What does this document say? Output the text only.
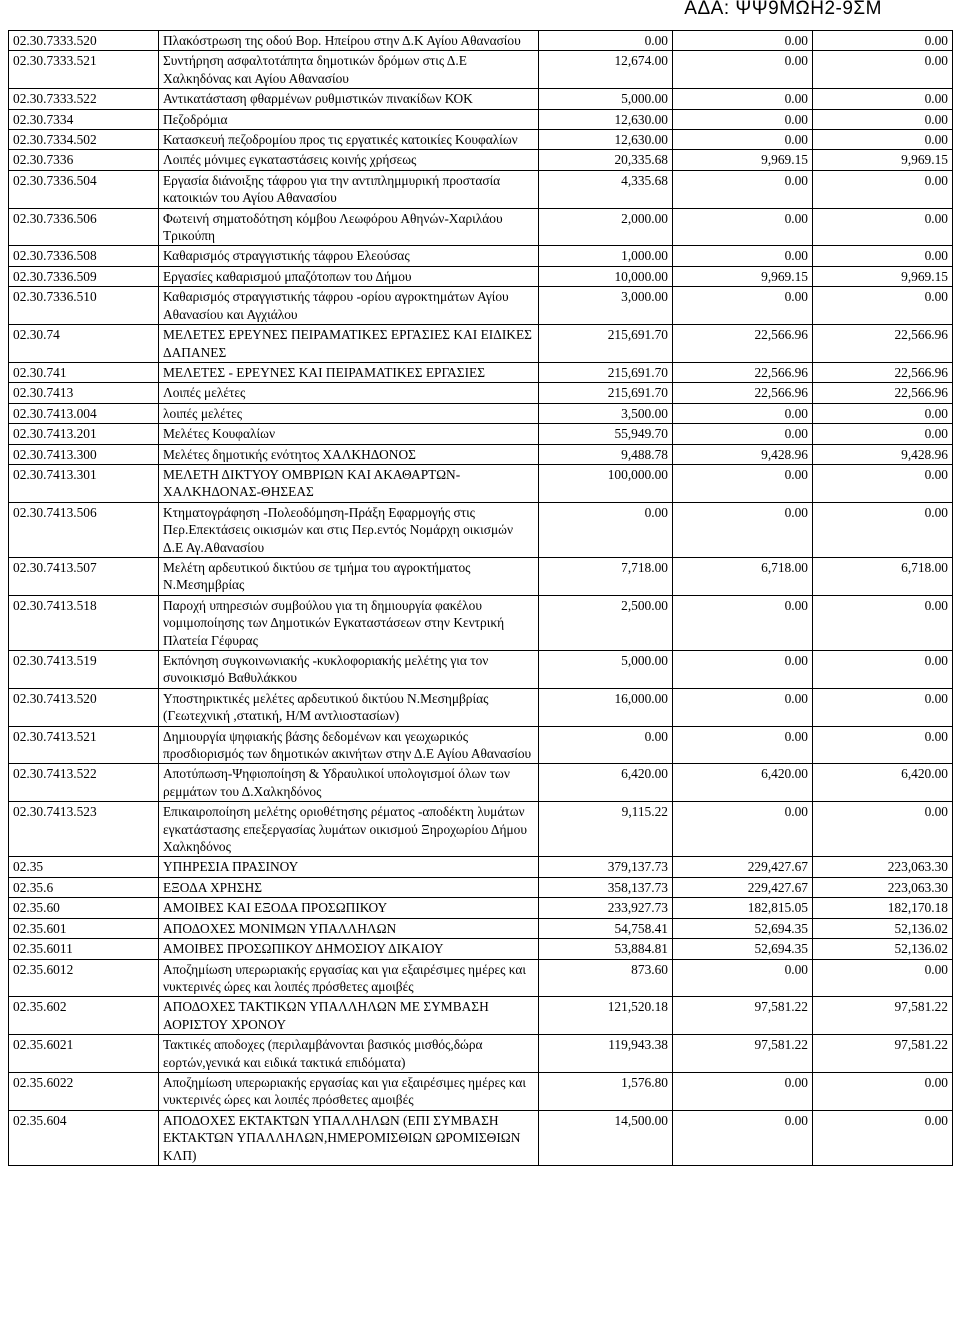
ΑΔΑ: ΨΨ9ΜΩΗ2-9ΣΜ
02.30.7333.520	Πλακόστρωση της οδού Βορ. Ηπείρου στην Δ.Κ Αγίου Αθανασίου	0.00	0.00	0.00
02.30.7333.521	Συντήρηση ασφαλτοτάπητα δημοτικών δρόμων στις Δ.Ε Χαλκηδόνας και Αγίου Αθανασίου	12,674.00	0.00	0.00
02.30.7333.522	Αντικατάσταση φθαρμένων ρυθμιστικών πινακίδων ΚΟΚ	5,000.00	0.00	0.00
02.30.7334	Πεζοδρόμια	12,630.00	0.00	0.00
02.30.7334.502	Κατασκευή πεζοδρομίου προς τις εργατικές κατοικίες Κουφαλίων	12,630.00	0.00	0.00
02.30.7336	Λοιπές μόνιμες εγκαταστάσεις κοινής χρήσεως	20,335.68	9,969.15	9,969.15
02.30.7336.504	Εργασία διάνοιξης τάφρου για την αντιπλημμυρική προστασία κατοικιών του Αγίου Αθανασίου	4,335.68	0.00	0.00
02.30.7336.506	Φωτεινή σηματοδότηση κόμβου Λεωφόρου Αθηνών-Χαριλάου Τρικούπη	2,000.00	0.00	0.00
02.30.7336.508	Καθαρισμός στραγγιστικής τάφρου Ελεούσας	1,000.00	0.00	0.00
02.30.7336.509	Εργασίες καθαρισμού μπαζότοπων του Δήμου	10,000.00	9,969.15	9,969.15
02.30.7336.510	Καθαρισμός στραγγιστικής τάφρου -ορίου αγροκτημάτων Αγίου Αθανασίου και Αγχιάλου	3,000.00	0.00	0.00
02.30.74	ΜΕΛΕΤΕΣ ΕΡΕΥΝΕΣ ΠΕΙΡΑΜΑΤΙΚΕΣ ΕΡΓΑΣΙΕΣ ΚΑΙ ΕΙΔΙΚΕΣ ΔΑΠΑΝΕΣ	215,691.70	22,566.96	22,566.96
02.30.741	ΜΕΛΕΤΕΣ - ΕΡΕΥΝΕΣ ΚΑΙ ΠΕΙΡΑΜΑΤΙΚΕΣ ΕΡΓΑΣΙΕΣ	215,691.70	22,566.96	22,566.96
02.30.7413	Λοιπές μελέτες	215,691.70	22,566.96	22,566.96
02.30.7413.004	λοιπές μελέτες	3,500.00	0.00	0.00
02.30.7413.201	Μελέτες Κουφαλίων	55,949.70	0.00	0.00
02.30.7413.300	Μελέτες δημοτικής ενότητος ΧΑΛΚΗΔΟΝΟΣ	9,488.78	9,428.96	9,428.96
02.30.7413.301	ΜΕΛΕΤΗ ΔΙΚΤΥΟΥ ΟΜΒΡΙΩΝ ΚΑΙ ΑΚΑΘΑΡΤΩΝ-ΧΑΛΚΗΔΟΝΑΣ-ΘΗΣΕΑΣ	100,000.00	0.00	0.00
02.30.7413.506	Κτηματογράφηση -Πολεοδόμηση-Πράξη Εφαρμογής στις Περ.Επεκτάσεις οικισμών και στις Περ.εντός Νομάρχη οικισμών Δ.Ε Αγ.Αθανασίου	0.00	0.00	0.00
02.30.7413.507	Μελέτη αρδευτικού δικτύου σε τμήμα του αγροκτήματος Ν.Μεσημβρίας	7,718.00	6,718.00	6,718.00
02.30.7413.518	Παροχή υπηρεσιών συμβούλου για τη δημιουργία φακέλου νομιμοποίησης των Δημοτικών Εγκαταστάσεων στην Κεντρική Πλατεία Γέφυρας	2,500.00	0.00	0.00
02.30.7413.519	Εκπόνηση συγκοινωνιακής -κυκλοφοριακής μελέτης για τον συνοικισμό Βαθυλάκκου	5,000.00	0.00	0.00
02.30.7413.520	Υποστηρικτικές μελέτες αρδευτικού δικτύου Ν.Μεσημβρίας (Γεωτεχνική ,στατική, Η/Μ αντλιοστασίων)	16,000.00	0.00	0.00
02.30.7413.521	Δημιουργία ψηφιακής βάσης δεδομένων και γεωχωρικός προσδιορισμός των δημοτικών ακινήτων στην Δ.Ε Αγίου Αθανασίου	0.00	0.00	0.00
02.30.7413.522	Αποτύπωση-Ψηφιοποίηση & Υδραυλικοί υπολογισμοί όλων των ρεμμάτων του Δ.Χαλκηδόνος	6,420.00	6,420.00	6,420.00
02.30.7413.523	Επικαιροποίηση μελέτης οριοθέτησης ρέματος -αποδέκτη λυμάτων εγκατάστασης επεξεργασίας λυμάτων οικισμού Ξηροχωρίου Δήμου Χαλκηδόνος	9,115.22	0.00	0.00
02.35	ΥΠΗΡΕΣΙΑ ΠΡΑΣΙΝΟΥ	379,137.73	229,427.67	223,063.30
02.35.6	ΕΞΟΔΑ ΧΡΗΣΗΣ	358,137.73	229,427.67	223,063.30
02.35.60	ΑΜΟΙΒΕΣ ΚΑΙ ΕΞΟΔΑ ΠΡΟΣΩΠΙΚΟΥ	233,927.73	182,815.05	182,170.18
02.35.601	ΑΠΟΔΟΧΕΣ ΜΟΝΙΜΩΝ ΥΠΑΛΛΗΛΩΝ	54,758.41	52,694.35	52,136.02
02.35.6011	ΑΜΟΙΒΕΣ ΠΡΟΣΩΠΙΚΟΥ ΔΗΜΟΣΙΟΥ ΔΙΚΑΙΟΥ	53,884.81	52,694.35	52,136.02
02.35.6012	Αποζημίωση υπερωριακής εργασίας και για εξαιρέσιμες ημέρες και νυκτερινές ώρες και λοιπές πρόσθετες αμοιβές	873.60	0.00	0.00
02.35.602	ΑΠΟΔΟΧΕΣ ΤΑΚΤΙΚΩΝ ΥΠΑΛΛΗΛΩΝ ΜΕ ΣΥΜΒΑΣΗ ΑΟΡΙΣΤΟΥ ΧΡΟΝΟΥ	121,520.18	97,581.22	97,581.22
02.35.6021	Τακτικές αποδοχες (περιλαμβάνονται βασικός μισθός,δώρα εορτών,γενικά και ειδικά τακτικά επιδόματα)	119,943.38	97,581.22	97,581.22
02.35.6022	Αποζημίωση υπερωριακής εργασίας και για εξαιρέσιμες ημέρες και νυκτερινές ώρες και λοιπές πρόσθετες αμοιβές	1,576.80	0.00	0.00
02.35.604	ΑΠΟΔΟΧΕΣ ΕΚΤΑΚΤΩΝ ΥΠΑΛΛΗΛΩΝ (ΕΠΙ ΣΥΜΒΑΣΗ ΕΚΤΑΚΤΩΝ ΥΠΑΛΛΗΛΩΝ,ΗΜΕΡΟΜΙΣΘΙΩΝ ΩΡΟΜΙΣΘΙΩΝ ΚΛΠ)	14,500.00	0.00	0.00
